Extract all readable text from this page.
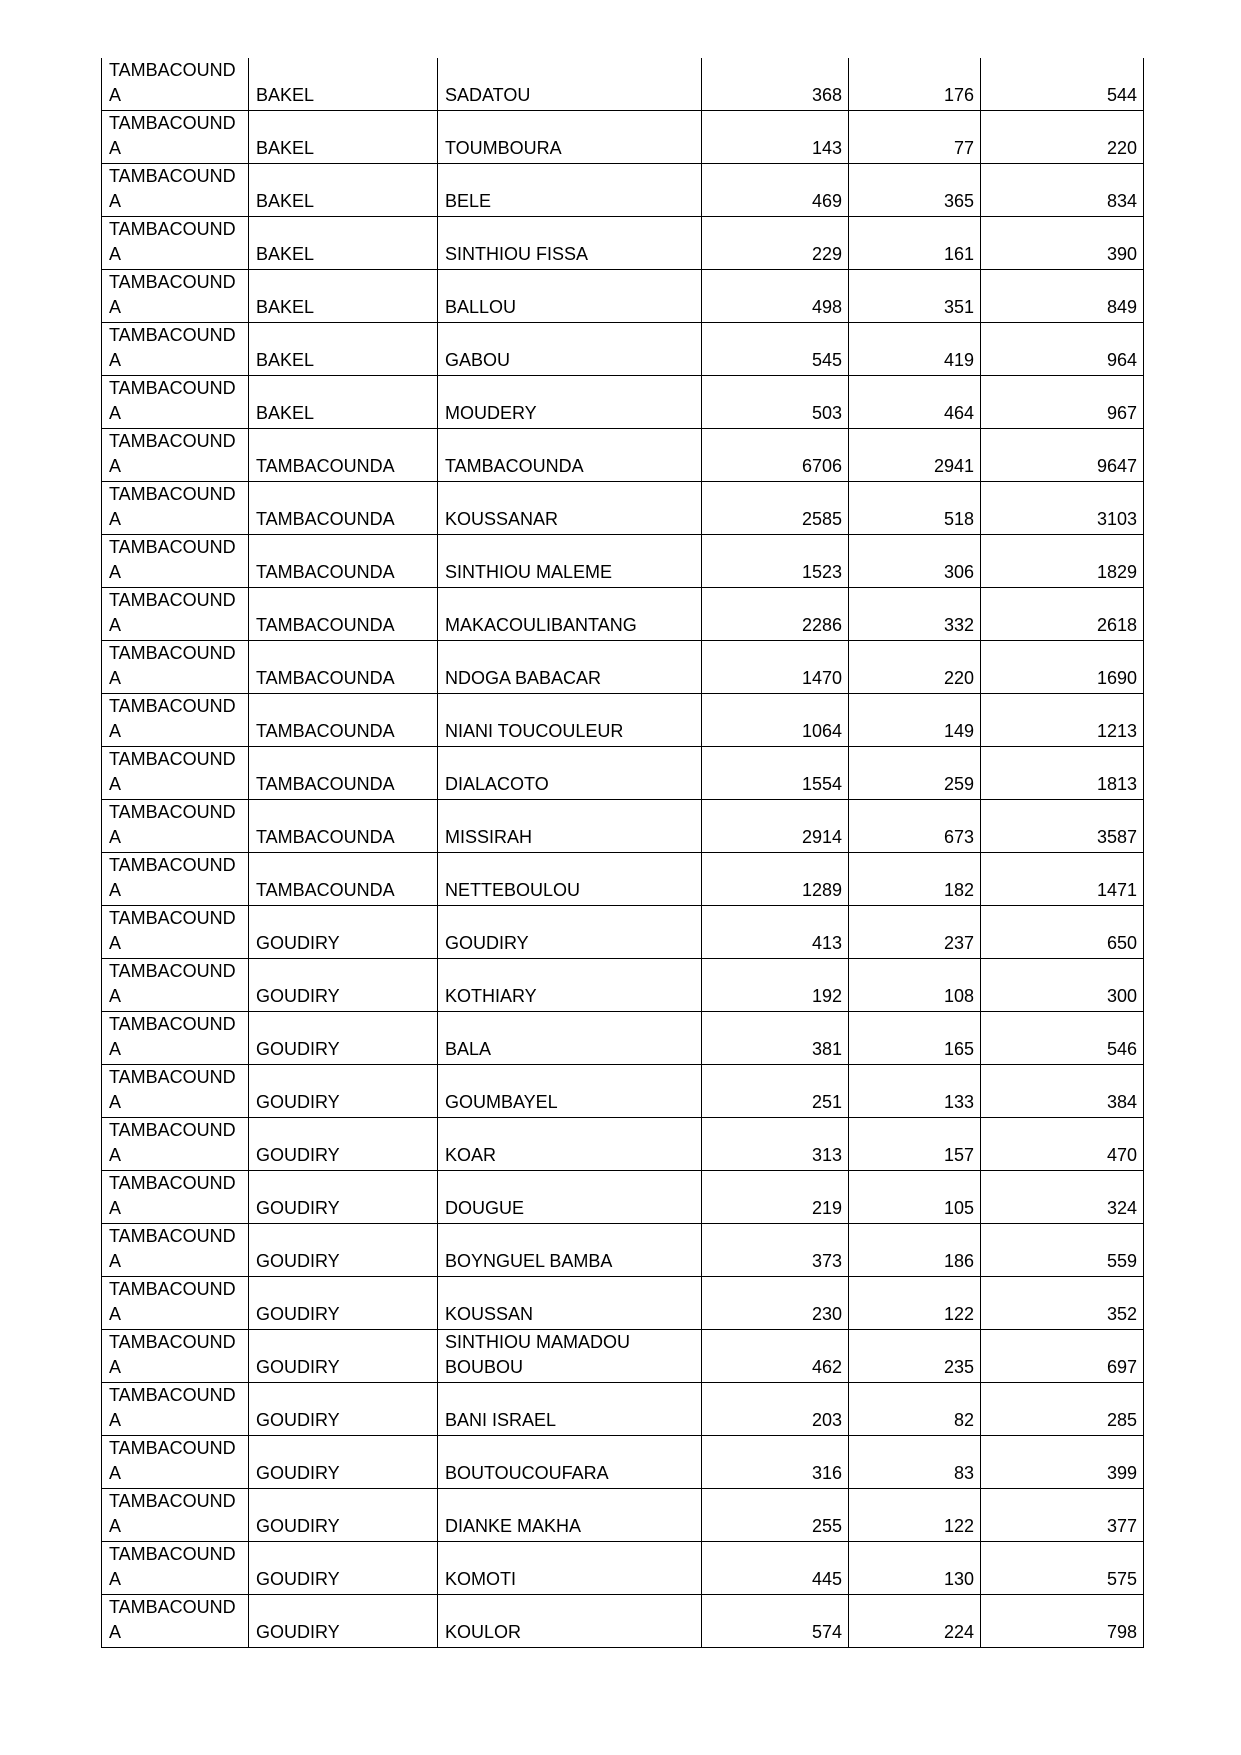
TAMBACOUNDA	BAKEL	SADATOU	368	176	544
TAMBACOUNDA	BAKEL	TOUMBOURA	143	77	220
TAMBACOUNDA	BAKEL	BELE	469	365	834
TAMBACOUNDA	BAKEL	SINTHIOU FISSA	229	161	390
TAMBACOUNDA	BAKEL	BALLOU	498	351	849
TAMBACOUNDA	BAKEL	GABOU	545	419	964
TAMBACOUNDA	BAKEL	MOUDERY	503	464	967
TAMBACOUNDA	TAMBACOUNDA	TAMBACOUNDA	6706	2941	9647
TAMBACOUNDA	TAMBACOUNDA	KOUSSANAR	2585	518	3103
TAMBACOUNDA	TAMBACOUNDA	SINTHIOU MALEME	1523	306	1829
TAMBACOUNDA	TAMBACOUNDA	MAKACOULIBANTANG	2286	332	2618
TAMBACOUNDA	TAMBACOUNDA	NDOGA BABACAR	1470	220	1690
TAMBACOUNDA	TAMBACOUNDA	NIANI TOUCOULEUR	1064	149	1213
TAMBACOUNDA	TAMBACOUNDA	DIALACOTO	1554	259	1813
TAMBACOUNDA	TAMBACOUNDA	MISSIRAH	2914	673	3587
TAMBACOUNDA	TAMBACOUNDA	NETTEBOULOU	1289	182	1471
TAMBACOUNDA	GOUDIRY	GOUDIRY	413	237	650
TAMBACOUNDA	GOUDIRY	KOTHIARY	192	108	300
TAMBACOUNDA	GOUDIRY	BALA	381	165	546
TAMBACOUNDA	GOUDIRY	GOUMBAYEL	251	133	384
TAMBACOUNDA	GOUDIRY	KOAR	313	157	470
TAMBACOUNDA	GOUDIRY	DOUGUE	219	105	324
TAMBACOUNDA	GOUDIRY	BOYNGUEL BAMBA	373	186	559
TAMBACOUNDA	GOUDIRY	KOUSSAN	230	122	352
TAMBACOUNDA	GOUDIRY	SINTHIOU MAMADOU BOUBOU	462	235	697
TAMBACOUNDA	GOUDIRY	BANI ISRAEL	203	82	285
TAMBACOUNDA	GOUDIRY	BOUTOUCOUFARA	316	83	399
TAMBACOUNDA	GOUDIRY	DIANKE MAKHA	255	122	377
TAMBACOUNDA	GOUDIRY	KOMOTI	445	130	575
TAMBACOUNDA	GOUDIRY	KOULOR	574	224	798
